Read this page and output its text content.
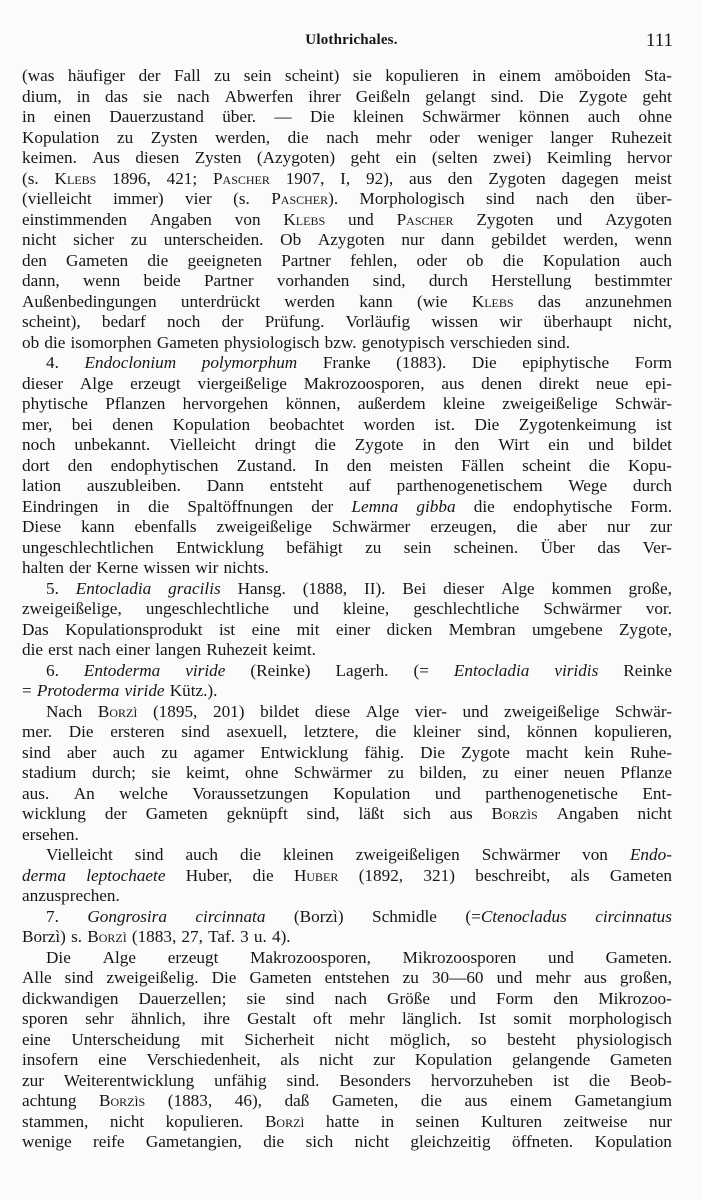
Ulothrichales.	111
(was häufiger der Fall zu sein scheint) sie kopulieren in einem amöboiden Sta-
dium, in das sie nach Abwerfen ihrer Geißeln gelangt sind. Die Zygote geht
in einen Dauerzustand über. — Die kleinen Schwärmer können auch ohne
Kopulation zu Zysten werden, die nach mehr oder weniger langer Ruhezeit
keimen. Aus diesen Zysten (Azygoten) geht ein (selten zwei) Keimling hervor
(s. Klebs 1896, 421; Pascher 1907, I, 92), aus den Zygoten dagegen meist
(vielleicht immer) vier (s. Pascher). Morphologisch sind nach den über-
einstimmenden Angaben von Klebs und Pascher Zygoten und Azygoten
nicht sicher zu unterscheiden. Ob Azygoten nur dann gebildet werden, wenn
den Gameten die geeigneten Partner fehlen, oder ob die Kopulation auch
dann, wenn beide Partner vorhanden sind, durch Herstellung bestimmter
Außenbedingungen unterdrückt werden kann (wie Klebs das anzunehmen
scheint), bedarf noch der Prüfung. Vorläufig wissen wir überhaupt nicht,
ob die isomorphen Gameten physiologisch bzw. genotypisch verschieden sind.
4. Endoclonium polymorphum Franke (1883). Die epiphytische Form
dieser Alge erzeugt viergeißelige Makrozoosporen, aus denen direkt neue epi-
phytische Pflanzen hervorgehen können, außerdem kleine zweigeißelige Schwär-
mer, bei denen Kopulation beobachtet worden ist. Die Zygotenkeimung ist
noch unbekannt. Vielleicht dringt die Zygote in den Wirt ein und bildet
dort den endophytischen Zustand. In den meisten Fällen scheint die Kopu-
lation auszubleiben. Dann entsteht auf parthenogenetischem Wege durch
Eindringen in die Spaltöffnungen der Lemna gibba die endophytische Form.
Diese kann ebenfalls zweigeißelige Schwärmer erzeugen, die aber nur zur
ungeschlechtlichen Entwicklung befähigt zu sein scheinen. Über das Ver-
halten der Kerne wissen wir nichts.
5. Entocladia gracilis Hansg. (1888, II). Bei dieser Alge kommen große,
zweigeißelige, ungeschlechtliche und kleine, geschlechtliche Schwärmer vor.
Das Kopulationsprodukt ist eine mit einer dicken Membran umgebene Zygote,
die erst nach einer langen Ruhezeit keimt.
6. Entoderma viride (Reinke) Lagerh. (= Entocladia viridis Reinke
= Protoderma viride Kütz.).
Nach Borzì (1895, 201) bildet diese Alge vier- und zweigeißelige Schwär-
mer. Die ersteren sind asexuell, letztere, die kleiner sind, können kopulieren,
sind aber auch zu agamer Entwicklung fähig. Die Zygote macht kein Ruhe-
stadium durch; sie keimt, ohne Schwärmer zu bilden, zu einer neuen Pflanze
aus. An welche Voraussetzungen Kopulation und parthenogenetische Ent-
wicklung der Gameten geknüpft sind, läßt sich aus Borzìs Angaben nicht
ersehen.
Vielleicht sind auch die kleinen zweigeißeligen Schwärmer von Endo-
derma leptochaete Huber, die Huber (1892, 321) beschreibt, als Gameten
anzusprechen.
7. Gongrosira circinnata (Borzì) Schmidle (=Ctenocladus circinnatus
Borzì) s. Borzì (1883, 27, Taf. 3 u. 4).
Die Alge erzeugt Makrozoosporen, Mikrozoosporen und Gameten.
Alle sind zweigeißelig. Die Gameten entstehen zu 30—60 und mehr aus großen,
dickwandigen Dauerzellen; sie sind nach Größe und Form den Mikrozoo-
sporen sehr ähnlich, ihre Gestalt oft mehr länglich. Ist somit morphologisch
eine Unterscheidung mit Sicherheit nicht möglich, so besteht physiologisch
insofern eine Verschiedenheit, als nicht zur Kopulation gelangende Gameten
zur Weiterentwicklung unfähig sind. Besonders hervorzuheben ist die Beob-
achtung Borzìs (1883, 46), daß Gameten, die aus einem Gametangium
stammen, nicht kopulieren. Borzì hatte in seinen Kulturen zeitweise nur
wenige reife Gametangien, die sich nicht gleichzeitig öffneten. Kopulation
